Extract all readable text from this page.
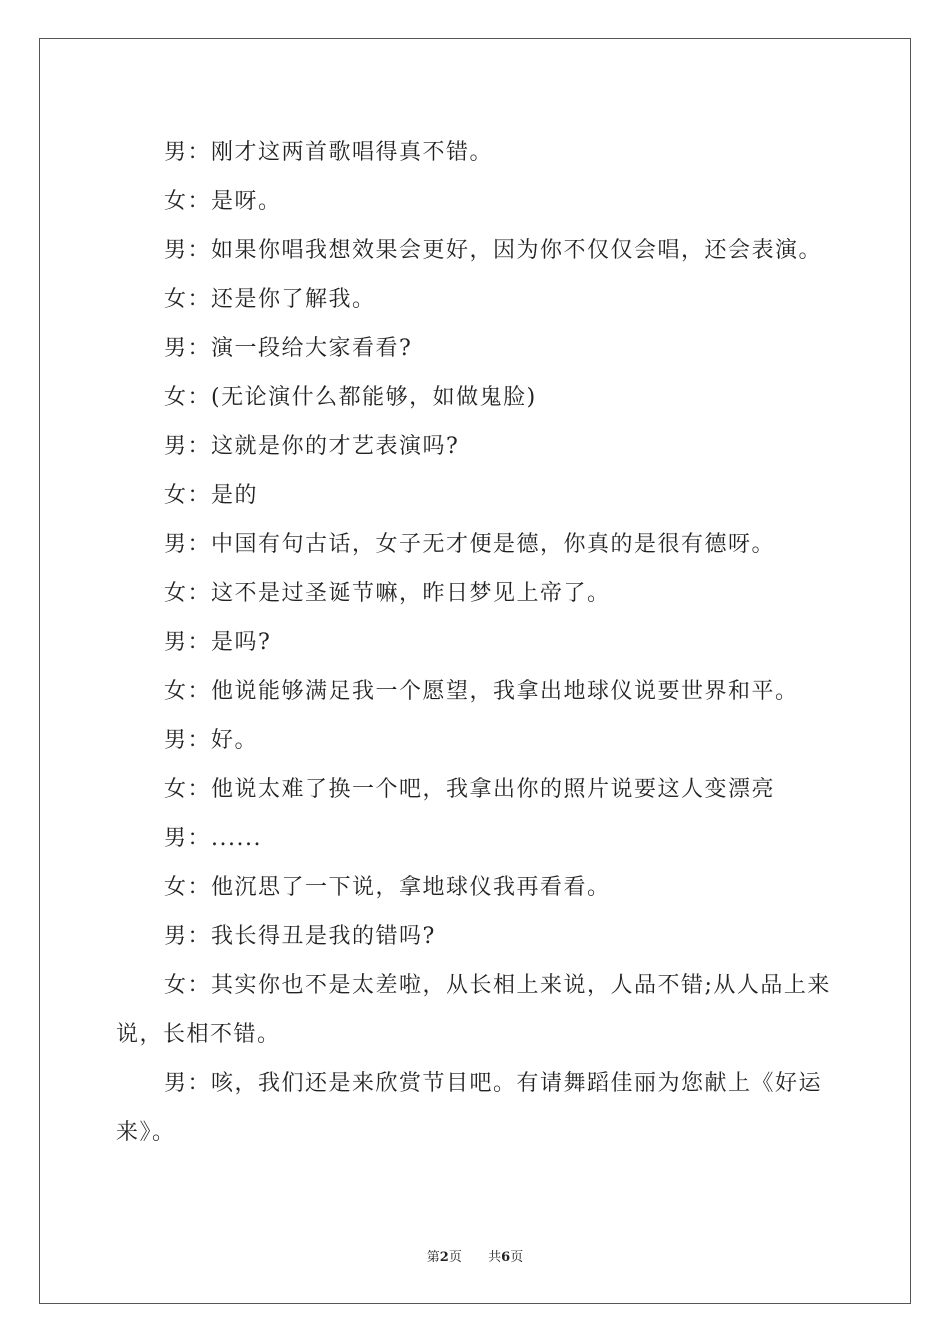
男：刚才这两首歌唱得真不错。

女：是呀。

男：如果你唱我想效果会更好，因为你不仅仅会唱，还会表演。

女：还是你了解我。

男：演一段给大家看看?

女：(无论演什么都能够，如做鬼脸)

男：这就是你的才艺表演吗?

女：是的

男：中国有句古话，女子无才便是德，你真的是很有德呀。

女：这不是过圣诞节嘛，昨日梦见上帝了。

男：是吗?

女：他说能够满足我一个愿望，我拿出地球仪说要世界和平。

男：好。

女：他说太难了换一个吧，我拿出你的照片说要这人变漂亮

男：......

女：他沉思了一下说，拿地球仪我再看看。

男：我长得丑是我的错吗?

女：其实你也不是太差啦，从长相上来说，人品不错;从人品上来说，长相不错。

男：咳，我们还是来欣赏节目吧。有请舞蹈佳丽为您献上《好运来》。

第2页 共6页
